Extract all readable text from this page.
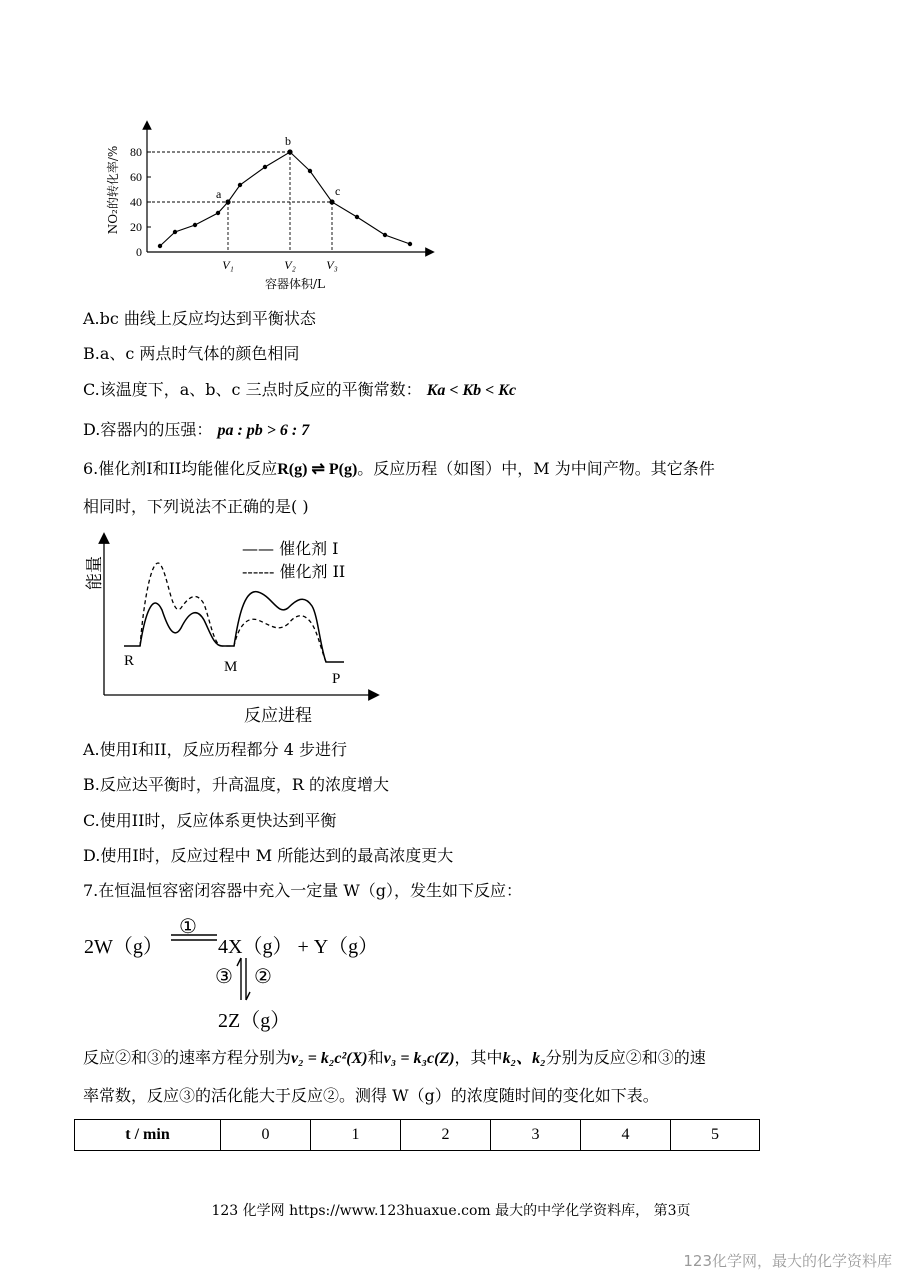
0
20
40
60
80
NO₂的转化率/%	a
b
c
V₁	V₂	V₃
容器体积/L
A.bc 曲线上反应均达到平衡状态
B.a、c 两点时气体的颜色相同
C.该温度下，a、b、c 三点时反应的平衡常数： Ka < Kb < Kc
D.容器内的压强： pa : pb > 6 : 7
6.催化剂I和II均能催化反应R(g) ⇌ P(g)。反应历程（如图）中，M 为中间产物。其它条件
相同时，下列说法不正确的是( )
能量
R	M
P
反应进程
—— 催化剂 I
------ 催化剂 II
A.使用I和II，反应历程都分 4 步进行
B.反应达平衡时，升高温度，R 的浓度增大
C.使用II时，反应体系更快达到平衡
D.使用I时，反应过程中 M 所能达到的最高浓度更大
7.在恒温恒容密闭容器中充入一定量 W（g），发生如下反应：
2W（g）
①
4X（g） + Y（g）
③ ②
2Z（g）
反应②和③的速率方程分别为v₂ = k₂c²(X)和v₃ = k₃c(Z)，其中k₂、k₂分别为反应②和③的速
率常数，反应③的活化能大于反应②。测得 W（g）的浓度随时间的变化如下表。
t / min	0	1	2	3	4	5
123 化学网 https://www.123huaxue.com 最大的中学化学资料库， 第3页
123化学网，最大的化学资料库
